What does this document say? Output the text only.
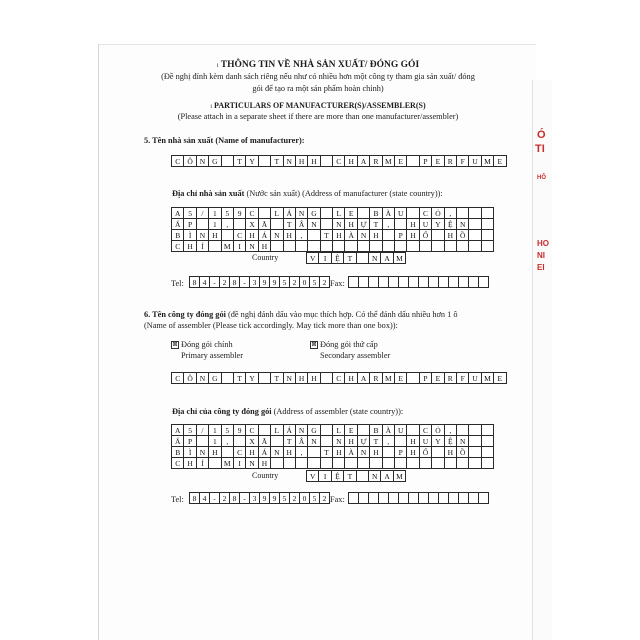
Ó
TI
HÔ
HO
NI
EI
i THÔNG TIN VỀ NHÀ SẢN XUẤT/ ĐÓNG GÓI
(Đề nghị đính kèm danh sách riêng nếu như có nhiều hơn một công ty tham gia sản xuất/ đóng
gói để tạo ra một sản phẩm hoàn chỉnh)
i PARTICULARS OF MANUFACTURER(S)/ASSEMBLER(S)
(Please attach in a separate sheet if there are more than one manufacturer/assembler)
5. Tên nhà sản xuất (Name of manufacturer):
C Ô N G	T Y	T N H H	C H A R M E	P	E	R	F	U M E
Địa chỉ nhà sản xuất (Nước sản xuất) (Address of manufacturer (state country)):
A	5	/	1	5	9	C	L Á N G	L	E	B À U	C Ỏ	,
Ấ	P	1	,	X Ã	T Â N	N H Ự T	,	H U Y Ệ N
B	Ì	N H	C H Á N H	,	T H À N H	P	H Ố	H Ồ
C H	Í	M	I	N H
Country	V	I	Ệ	T	N A M
Tel:	8 4 - 2 8 - 3 9 9 5 2 0 5 2 Fax:
6. Tên công ty đóng gói (đề nghị đánh dấu vào mục thích hợp. Có thể đánh dấu nhiều hơn 1 ô
(Name of assembler (Please tick accordingly. May tick more than one box)):
⊠ Đóng gói chính
Primary assembler
⊠ Đóng gói thứ cấp
Secondary assembler
C Ô N G	T Y	T N H H	C H A R M E	P	E	R	F	U M E
Địa chỉ của công ty đóng gói (Address of assembler (state country)):
A	5	/	1	5	9	C	L Á N G	L	E	B À U	C Ỏ	,
Ấ	P	1	,	X Ã	T Â N	N H Ự T	,	H U Y Ệ N
B	Ì	N H	C H Á N H	,	T H À N H	P	H Ố	H Ồ
C H	Í	M	I	N H
Country	V	I	Ệ	T	N A M
Tel:	8 4 - 2 8 - 3 9 9 5 2 0 5 2 Fax:
